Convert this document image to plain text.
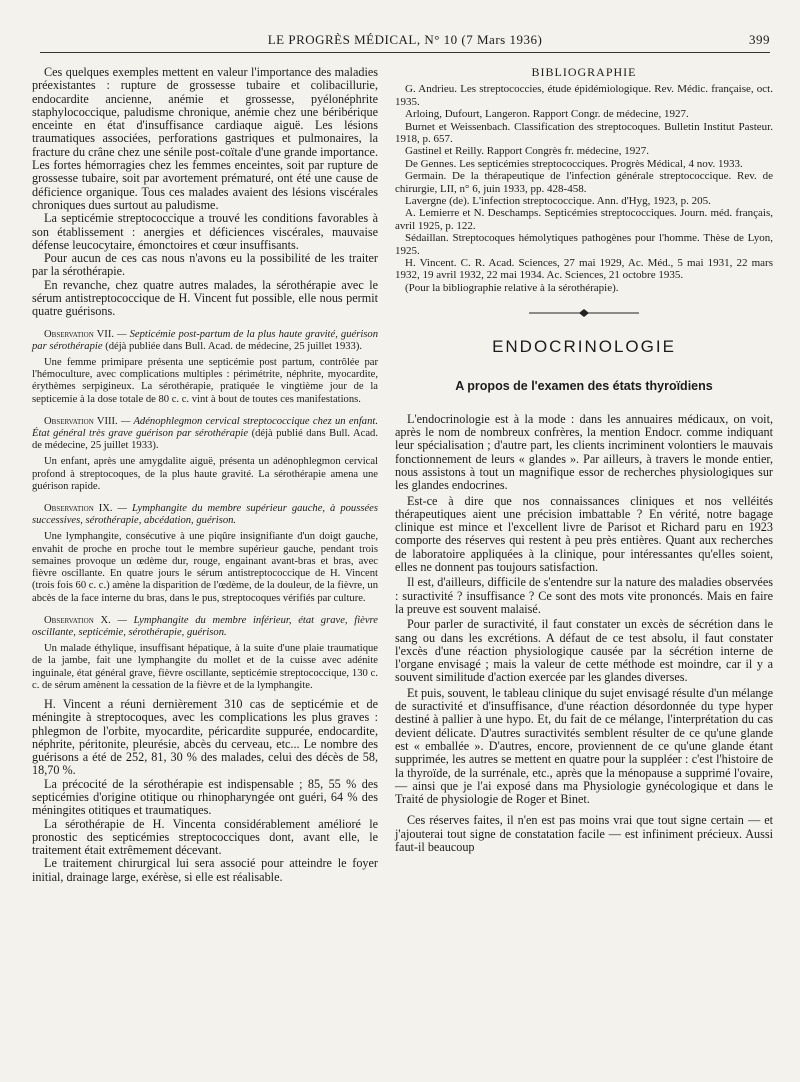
LE PROGRÈS MÉDICAL, N° 10 (7 Mars 1936)	399

Ces quelques exemples mettent en valeur l'importance des maladies préexistantes : rupture de grossesse tubaire et colibacillurie, endocardite ancienne, anémie et grossesse, pyélonéphrite staphylococcique, paludisme chronique, anémie chez une béribérique enceinte en état d'insuffisance cardiaque aiguë. Les lésions traumatiques associées, perforations gastriques et pulmonaires, la fracture du crâne chez une sénile post-coïtale d'une grande importance. Les fortes hémorragies chez les femmes enceintes, soit par rupture de grossesse tubaire, soit par avortement prématuré, ont été une cause de déficience organique. Tous ces malades avaient des lésions viscérales chroniques dues surtout au paludisme.

La septicémie streptococcique a trouvé les conditions favorables à son établissement : anergies et déficiences viscérales, mauvaise défense leucocytaire, émonctoires et cœur insuffisants.

Pour aucun de ces cas nous n'avons eu la possibilité de les traiter par la sérothérapie.

En revanche, chez quatre autres malades, la sérothérapie avec le sérum antistreptococcique de H. Vincent fut possible, elle nous permit quatre guérisons.

Observation VII. — Septicémie post-partum de la plus haute gravité, guérison par sérothérapie (déjà publiée dans Bull. Acad. de médecine, 25 juillet 1933).

Une femme primipare présenta une septicémie post partum, contrôlée par l'hémoculture, avec complications multiples : périmétrite, néphrite, myocardite, érythèmes serpigineux. La sérothérapie, pratiquée le vingtième jour de la septicemie à la dose totale de 80 c. c. vint à bout de toutes ces manifestations.

Observation VIII. — Adénophlegmon cervical streptococcique chez un enfant. État général très grave guérison par sérothérapie (déjà publié dans Bull. Acad. de médecine, 25 juillet 1933).

Un enfant, après une amygdalite aiguë, présenta un adénophlegmon cervical profond à streptocoques, de la plus haute gravité. La sérothérapie amena une guérison rapide.

Observation IX. — Lymphangite du membre supérieur gauche, à poussées successives, sérothérapie, abcédation, guérison.

Une lymphangite, consécutive à une piqûre insignifiante d'un doigt gauche, envahit de proche en proche tout le membre supérieur gauche, pendant trois semaines provoque un œdème dur, rouge, engainant avant-bras et bras, avec fièvre oscillante. En quatre jours le sérum antistreptococcique de H. Vincent (trois fois 60 c. c.) amène la disparition de l'œdème, de la douleur, de la fièvre, un abcès de la face interne du bras, dans le pus, streptocoques vérifiés par culture.

Observation X. — Lymphangite du membre inférieur, état grave, fièvre oscillante, septicémie, sérothérapie, guérison.

Un malade éthylique, insuffisant hépatique, à la suite d'une plaie traumatique de la jambe, fait une lymphangite du mollet et de la cuisse avec adénite inguinale, état général grave, fièvre oscillante, septicémie streptococcique, 130 c. c. de sérum amènent la cessation de la fièvre et de la lymphangite.

H. Vincent a réuni dernièrement 310 cas de septicémie et de méningite à streptocoques, avec les complications les plus graves : phlegmon de l'orbite, myocardite, péricardite suppurée, endocardite, néphrite, péritonite, pleurésie, abcès du cerveau, etc... Le nombre des guérisons a été de 252, 81, 30 % des malades, celui des décès de 58, 18,70 %.

La précocité de la sérothérapie est indispensable ; 85, 55 % des septicémies d'origine otitique ou rhinopharyngée ont guéri, 64 % des méningites otitiques et traumatiques.

La sérothérapie de H. Vincenta considérablement amélioré le pronostic des septicémies streptococciques dont, avant elle, le traitement était extrêmement décevant.

Le traitement chirurgical lui sera associé pour atteindre le foyer initial, drainage large, exérèse, si elle est réalisable.

BIBLIOGRAPHIE

G. Andrieu. Les streptococcies, étude épidémiologique. Rev. Médic. française, oct. 1935.

Arloing, Dufourt, Langeron. Rapport Congr. de médecine, 1927.

Burnet et Weissenbach. Classification des streptocoques. Bulletin Institut Pasteur. 1918, p. 657.

Gastinel et Reilly. Rapport Congrès fr. médecine, 1927.

De Gennes. Les septicémies streptococciques. Progrès Médical, 4 nov. 1933.

Germain. De la thérapeutique de l'infection générale streptococcique. Rev. de chirurgie, LII, n° 6, juin 1933, pp. 428-458.

Lavergne (de). L'infection streptococcique. Ann. d'Hyg, 1923, p. 205.

A. Lemierre et N. Deschamps. Septicémies streptococciques. Journ. méd. français, avril 1925, p. 122.

Sédaillan. Streptocoques hémolytiques pathogènes pour l'homme. Thèse de Lyon, 1925.

H. Vincent. C. R. Acad. Sciences, 27 mai 1929, Ac. Méd., 5 mai 1931, 22 mars 1932, 19 avril 1932, 22 mai 1934. Ac. Sciences, 21 octobre 1935.

(Pour la bibliographie relative à la sérothérapie).

ENDOCRINOLOGIE
A propos de l'examen des états thyroïdiens

L'endocrinologie est à la mode : dans les annuaires médicaux, on voit, après le nom de nombreux confrères, la mention Endocr. comme indiquant leur spécialisation ; d'autre part, les clients incriminent volontiers le mauvais fonctionnement de leurs « glandes ». Par ailleurs, à travers le monde entier, nous assistons à tout un magnifique essor de recherches physiologiques sur les glandes endocrines.

Est-ce à dire que nos connaissances cliniques et nos velléités thérapeutiques aient une précision imbattable ? En vérité, notre bagage clinique est mince et l'excellent livre de Parisot et Richard paru en 1923 comporte des réserves qui restent à peu près entières. Quant aux recherches de laboratoire appliquées à la clinique, pour intéressantes qu'elles soient, elles ne donnent pas toujours satisfaction.

Il est, d'ailleurs, difficile de s'entendre sur la nature des maladies observées : suractivité ? insuffisance ? Ce sont des mots vite prononcés. Mais en faire la preuve est souvent malaisé.

Pour parler de suractivité, il faut constater un excès de sécrétion dans le sang ou dans les excrétions. A défaut de ce test absolu, il faut constater l'excès d'une réaction physiologique causée par la sécrétion interne de l'organe envisagé ; mais la valeur de cette méthode est moindre, car il y a souvent similitude d'action exercée par les glandes diverses.

Et puis, souvent, le tableau clinique du sujet envisagé résulte d'un mélange de suractivité et d'insuffisance, d'une réaction désordonnée du type hyper destiné à pallier à une hypo. Et, du fait de ce mélange, l'interprétation du cas devient délicate. D'autres suractivités semblent résulter de ce qu'une glande est « emballée ». D'autres, encore, proviennent de ce qu'une glande étant supprimée, les autres se mettent en quatre pour la suppléer : c'est l'histoire de la thyroïde, de la surrénale, etc., après que la ménopause a supprimé l'ovaire, — ainsi que je l'ai exposé dans ma Physiologie gynécologique et dans le Traité de physiologie de Roger et Binet.

Ces réserves faites, il n'en est pas moins vrai que tout signe certain — et j'ajouterai tout signe de constatation facile — est infiniment précieux. Aussi faut-il beaucoup
